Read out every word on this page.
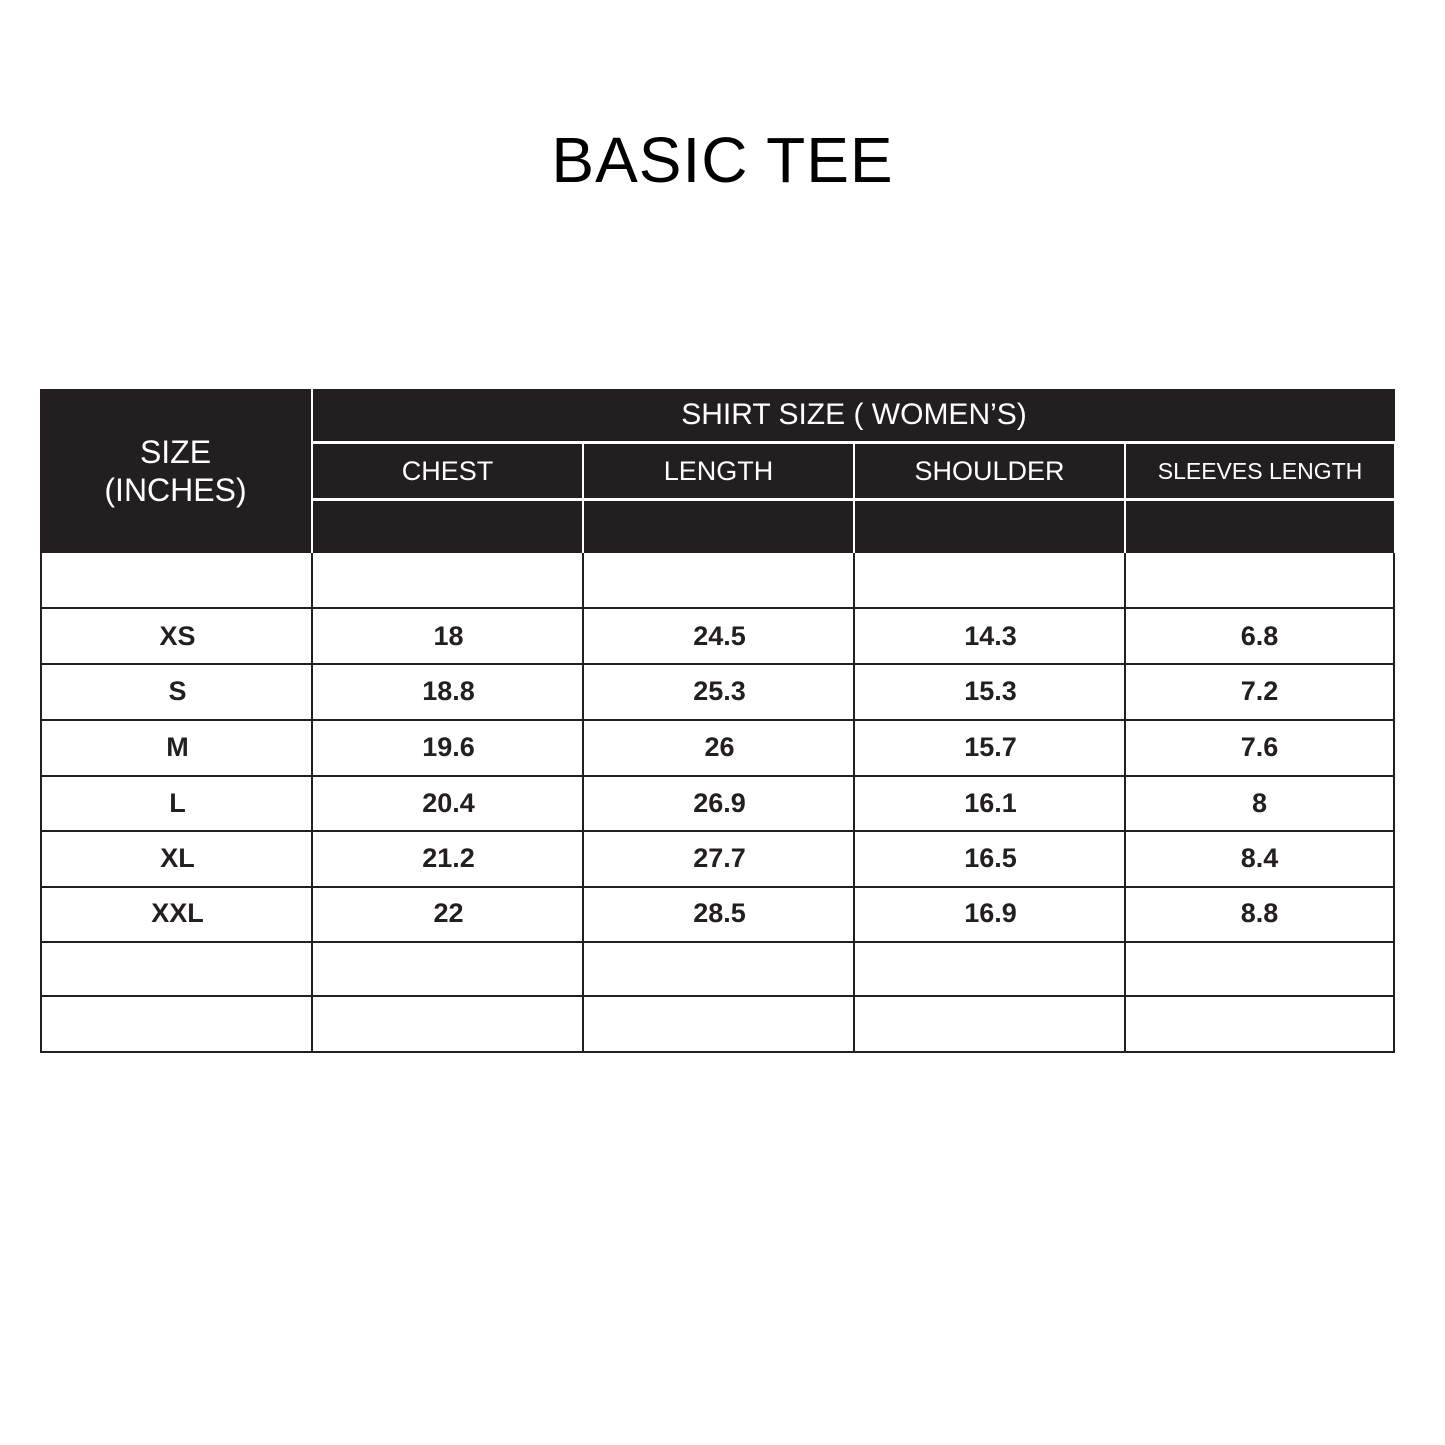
BASIC TEE
SIZE
(INCHES)
SHIRT SIZE ( WOMEN’S)
CHEST	LENGTH	SHOULDER	SLEEVES LENGTH
XS	18	24.5	14.3	6.8
S	18.8	25.3	15.3	7.2
M	19.6	26	15.7	7.6
L	20.4	26.9	16.1	8
XL	21.2	27.7	16.5	8.4
XXL	22	28.5	16.9	8.8
